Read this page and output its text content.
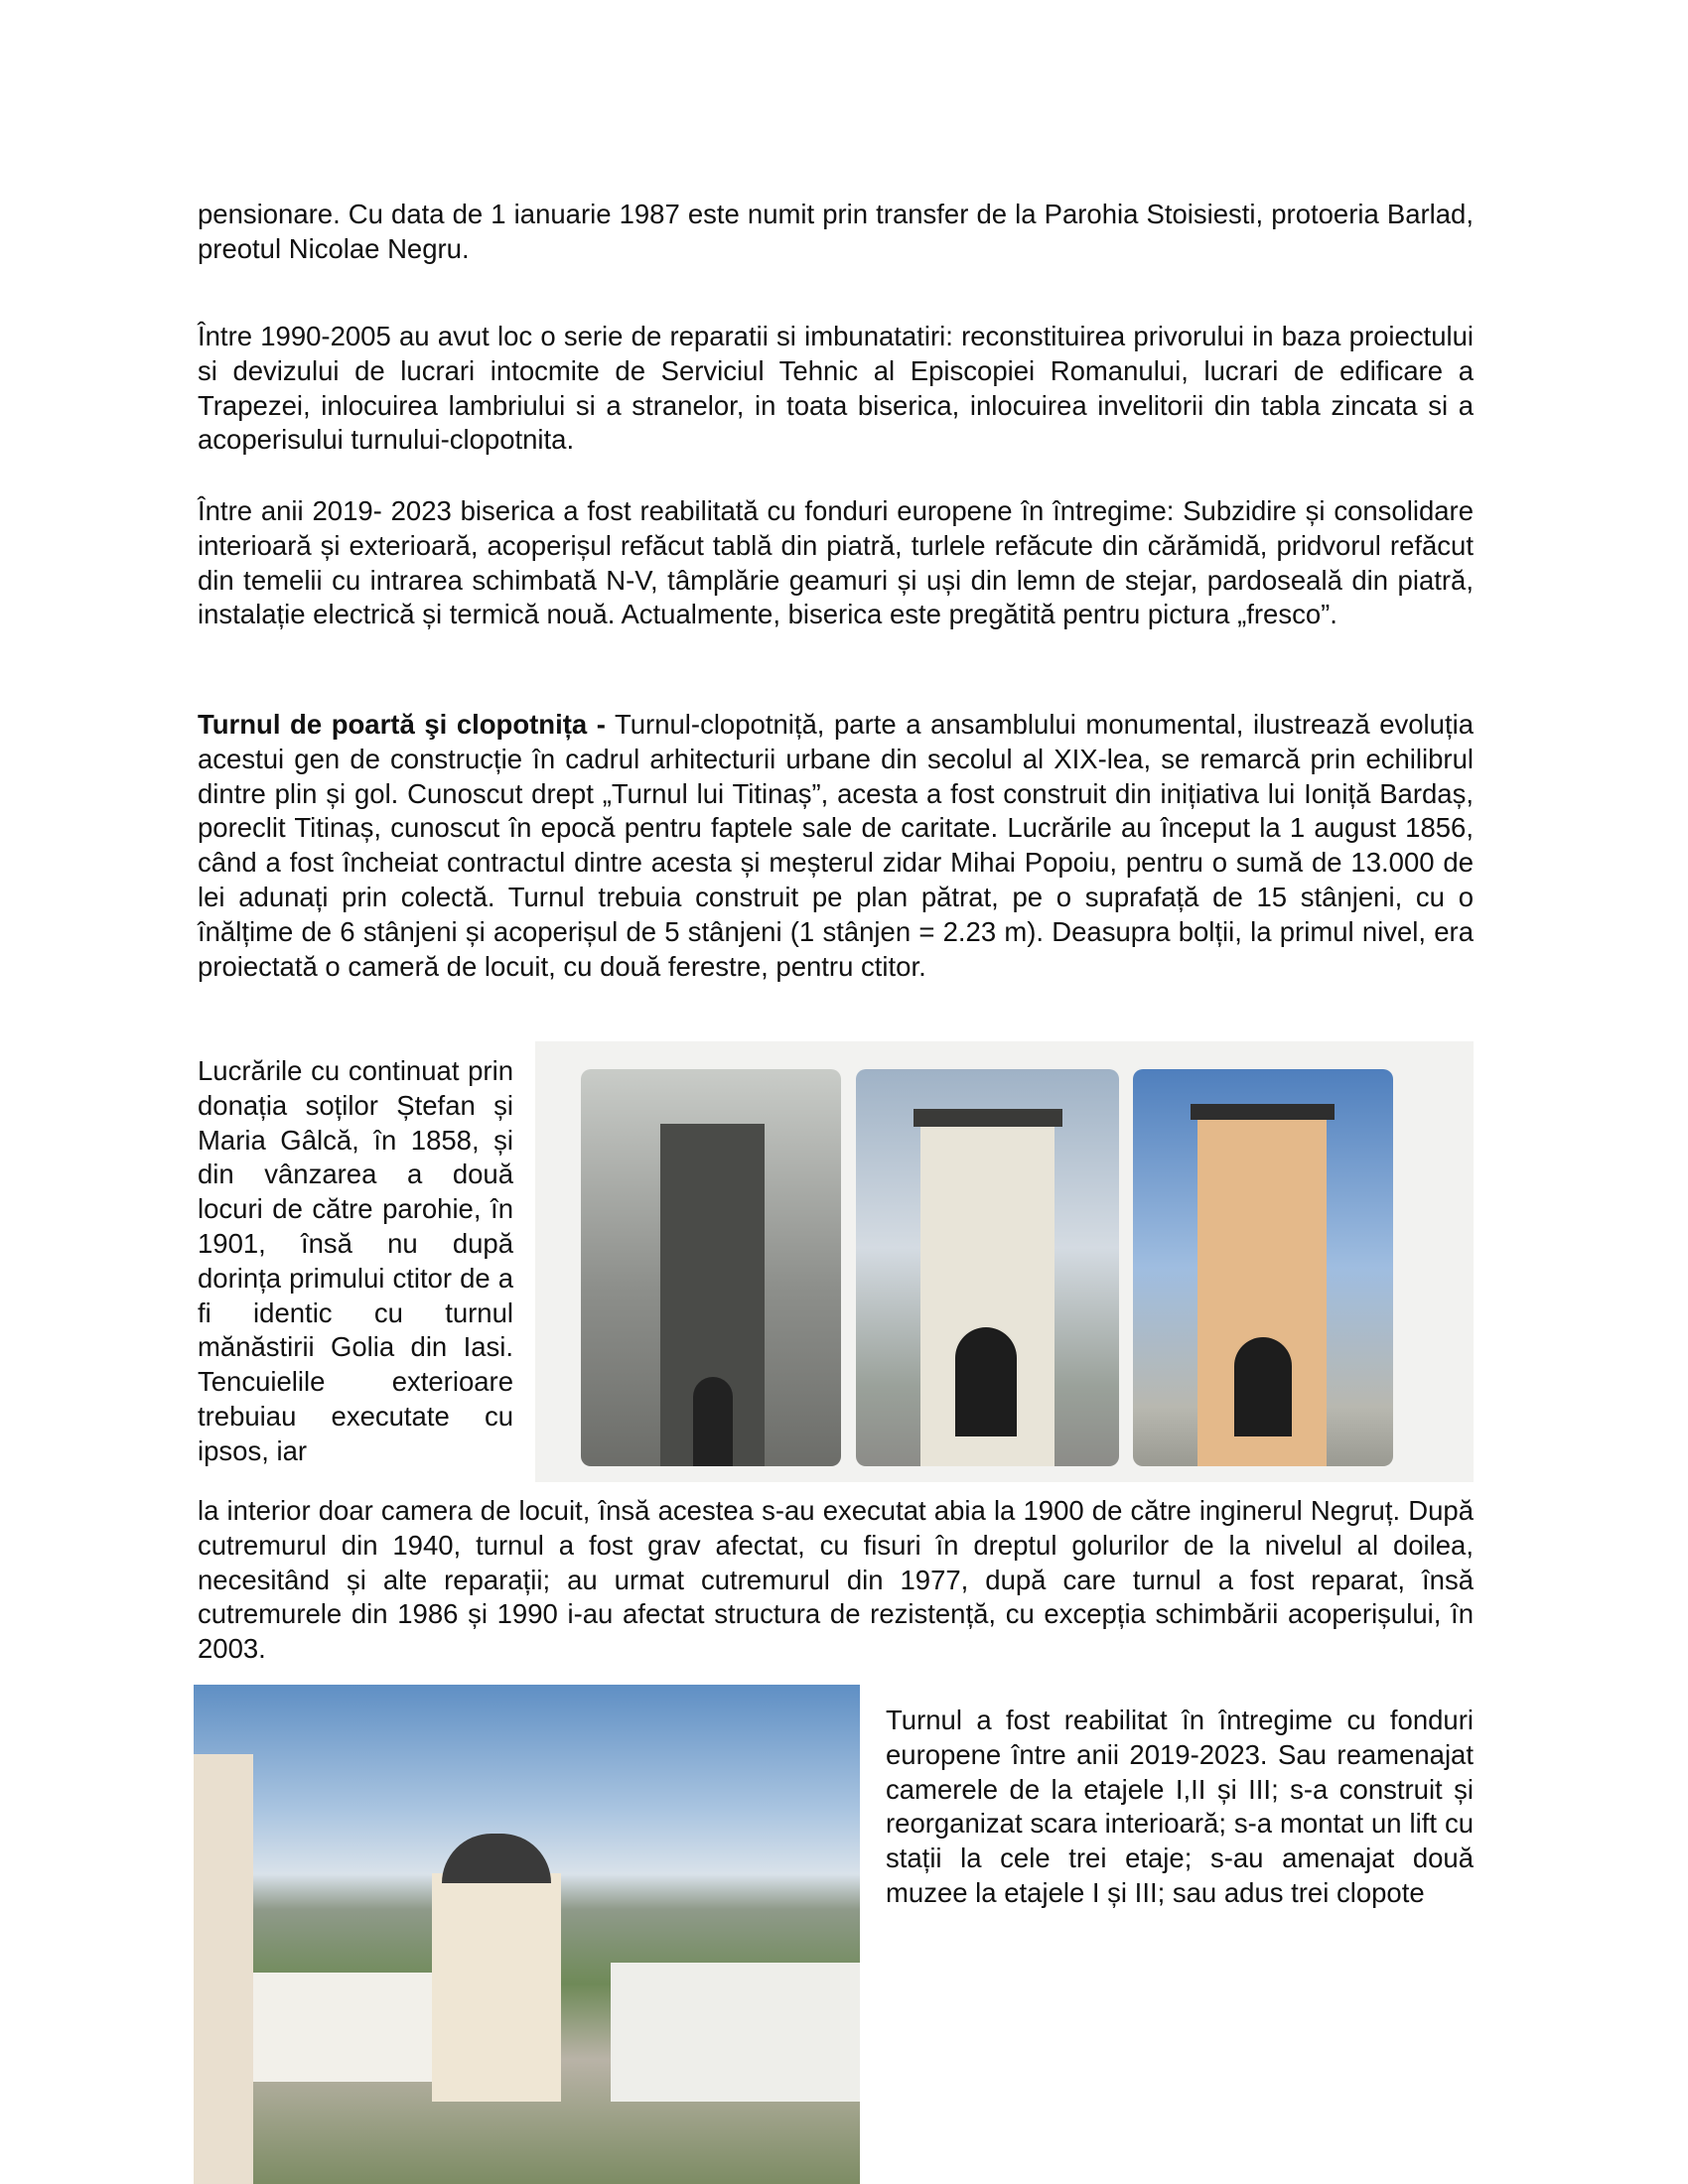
pensionare. Cu data de 1 ianuarie 1987 este numit prin transfer de la Parohia Stoisiesti, protoeria Barlad, preotul Nicolae Negru.

Între 1990-2005 au avut loc o serie de reparatii si imbunatatiri: reconstituirea privorului in baza proiectului si devizului de lucrari intocmite de Serviciul Tehnic al Episcopiei Romanului, lucrari de edificare a Trapezei, inlocuirea lambriului si a stranelor, in toata biserica, inlocuirea invelitorii din tabla zincata si a acoperisului turnului-clopotnita.

Între anii 2019- 2023 biserica a fost reabilitată cu fonduri europene în întregime: Subzidire și consolidare interioară și exterioară, acoperișul refăcut tablă din piatră, turlele refăcute din cărămidă, pridvorul refăcut din temelii cu intrarea schimbată N-V, tâmplărie geamuri și uși din lemn de stejar, pardoseală din piatră, instalație electrică și termică nouă. Actualmente, biserica este pregătită pentru pictura „fresco”.

Turnul de poartă şi clopotnița - Turnul-clopotniță, parte a ansamblului monumental, ilustrează evoluția acestui gen de construcție în cadrul arhitecturii urbane din secolul al XIX-lea, se remarcă prin echilibrul dintre plin și gol. Cunoscut drept „Turnul lui Titinaș”, acesta a fost construit din inițiativa lui Ioniță Bardaș, poreclit Titinaș, cunoscut în epocă pentru faptele sale de caritate. Lucrările au început la 1 august 1856, când a fost încheiat contractul dintre acesta și meșterul zidar Mihai Popoiu, pentru o sumă de 13.000 de lei adunați prin colectă. Turnul trebuia construit pe plan pătrat, pe o suprafață de 15 stânjeni, cu o înălțime de 6 stânjeni și acoperișul de 5 stânjeni (1 stânjen = 2.23 m). Deasupra bolții, la primul nivel, era proiectată o cameră de locuit, cu două ferestre, pentru ctitor.

Lucrările cu continuat prin donația soților Ștefan și Maria Gâlcă, în 1858, și din vânzarea a două locuri de către parohie, în 1901, însă nu după dorința primului ctitor de a fi identic cu turnul mănăstirii Golia din Iasi. Tencuielile exterioare trebuiau executate cu ipsos, iar

la interior doar camera de locuit, însă acestea s-au executat abia la 1900 de către inginerul Negruț. După cutremurul din 1940, turnul a fost grav afectat, cu fisuri în dreptul golurilor de la nivelul al doilea, necesitând și alte reparații; au urmat cutremurul din 1977, după care turnul a fost reparat, însă cutremurele din 1986 și 1990 i-au afectat structura de rezistență, cu excepția schimbării acoperișului, în 2003.

Turnul a fost reabilitat în întregime cu fonduri europene între anii 2019-2023. Sau reamenajat camerele de la etajele I,II și III; s-a construit și reorganizat scara interioară; s-a montat un lift cu stații la cele trei etaje; s-au amenajat două muzee la etajele I și III; sau adus trei clopote
